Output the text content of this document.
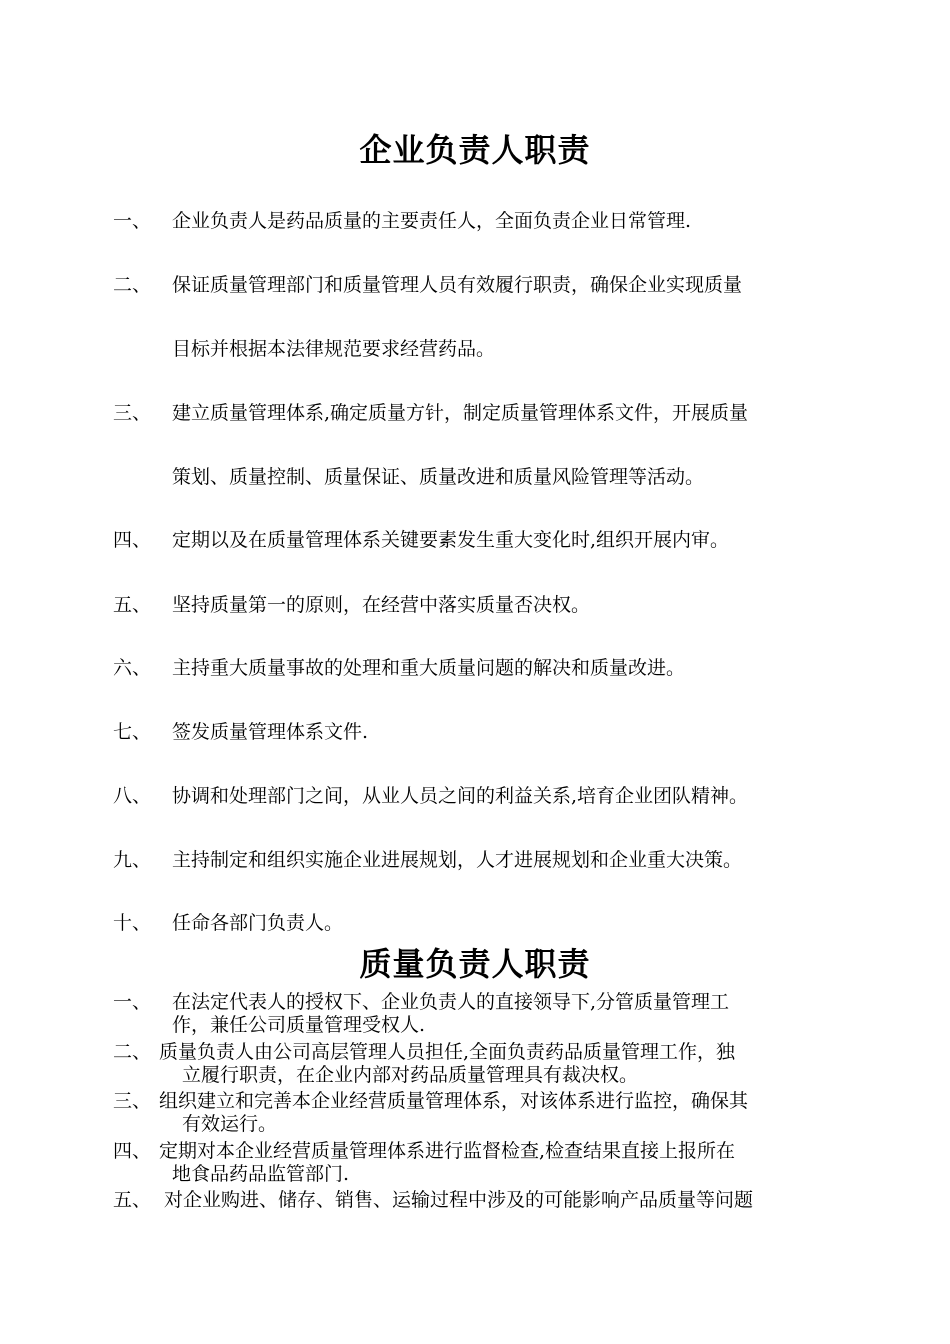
企业负责人职责
一、 企业负责人是药品质量的主要责任人，全面负责企业日常管理.
二、 保证质量管理部门和质量管理人员有效履行职责，确保企业实现质量
目标并根据本法律规范要求经营药品。
三、 建立质量管理体系,确定质量方针，制定质量管理体系文件，开展质量
策划、质量控制、质量保证、质量改进和质量风险管理等活动。
四、 定期以及在质量管理体系关键要素发生重大变化时,组织开展内审。
五、 坚持质量第一的原则，在经营中落实质量否决权。
六、 主持重大质量事故的处理和重大质量问题的解决和质量改进。
七、 签发质量管理体系文件.
八、 协调和处理部门之间，从业人员之间的利益关系,培育企业团队精神。
九、 主持制定和组织实施企业进展规划，人才进展规划和企业重大决策。
十、 任命各部门负责人。
质量负责人职责
一、 在法定代表人的授权下、企业负责人的直接领导下,分管质量管理工
作，兼任公司质量管理受权人.
二、 质量负责人由公司高层管理人员担任,全面负责药品质量管理工作，独
立履行职责，在企业内部对药品质量管理具有裁决权。
三、 组织建立和完善本企业经营质量管理体系，对该体系进行监控，确保其
有效运行。
四、 定期对本企业经营质量管理体系进行监督检查,检查结果直接上报所在
地食品药品监管部门.
五、 对企业购进、储存、销售、运输过程中涉及的可能影响产品质量等问题
